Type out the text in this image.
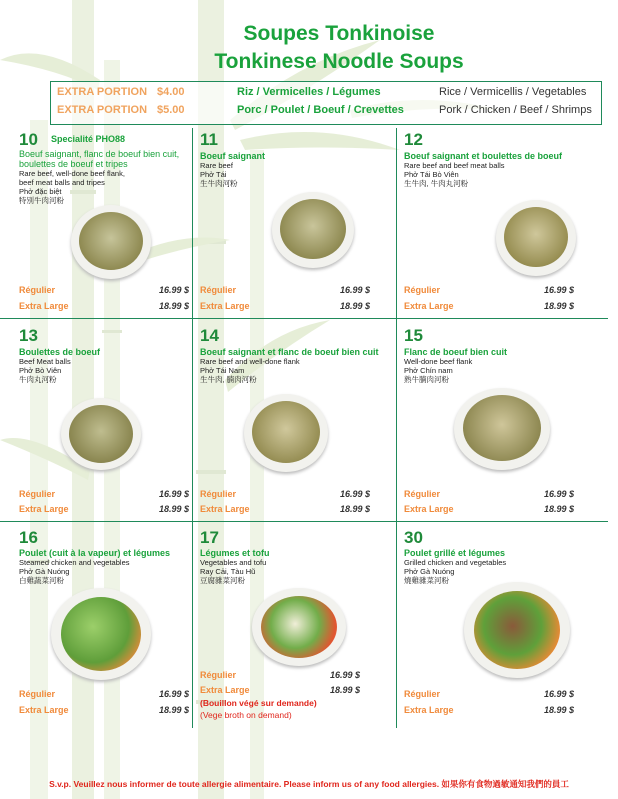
Soupes Tonkinoise
Tonkinese Noodle Soups
EXTRA PORTION $4.00	Riz / Vermicelles / Légumes	Rice / Vermicellis / Vegetables
EXTRA PORTION $5.00	Porc / Poulet / Boeuf / Crevettes	Pork / Chicken / Beef / Shrimps
10 Specialité PHO88
Boeuf saignant, flanc de boeuf bien cuit,
boulettes de boeuf et tripes
Rare beef, well-done beef flank,
beef meat balls and tripes
Phở đặc biệt
特別牛肉河粉
Régulier	16.99 $
Extra Large	18.99 $
11
Boeuf saignant
Rare beef
Phở Tái
生牛肉河粉
Régulier	16.99 $
Extra Large	18.99 $
12
Boeuf saignant et boulettes de boeuf
Rare beef and beef meat balls
Phở Tái Bò Viên
生牛肉, 牛肉丸河粉
Régulier	16.99 $
Extra Large	18.99 $
13
Boulettes de boeuf
Beef Meat balls
Phở Bò Viên
牛肉丸河粉
Régulier	16.99 $
Extra Large	18.99 $
14
Boeuf saignant et flanc de boeuf bien cuit
Rare beef and well-done flank
Phở Tái Nam
生牛肉, 腩肉河粉
Régulier	16.99 $
Extra Large	18.99 $
15
Flanc de boeuf bien cuit
Well-done beef flank
Phở Chín nam
熟牛腩肉河粉
Régulier	16.99 $
Extra Large	18.99 $
16
Poulet (cuit à la vapeur) et légumes
Steamed chicken and vegetables
Phở Gà Nuóng
白雞蔬菜河粉
Régulier	16.99 $
Extra Large	18.99 $
17
Légumes et tofu
Vegetables and tofu
Ray Cải, Tàu Hũ
豆腐雜菜河粉
Régulier	16.99 $
Extra Large	18.99 $
(Bouillon végé sur demande)
(Vege broth on demand)
30
Poulet grillé et légumes
Grilled chicken and vegetables
Phở Gà Nuóng
燒雞雜菜河粉
Régulier	16.99 $
Extra Large	18.99 $
S.v.p. Veuillez nous informer de toute allergie alimentaire. Please inform us of any food allergies. 如果你有食物過敏通知我們的員工
